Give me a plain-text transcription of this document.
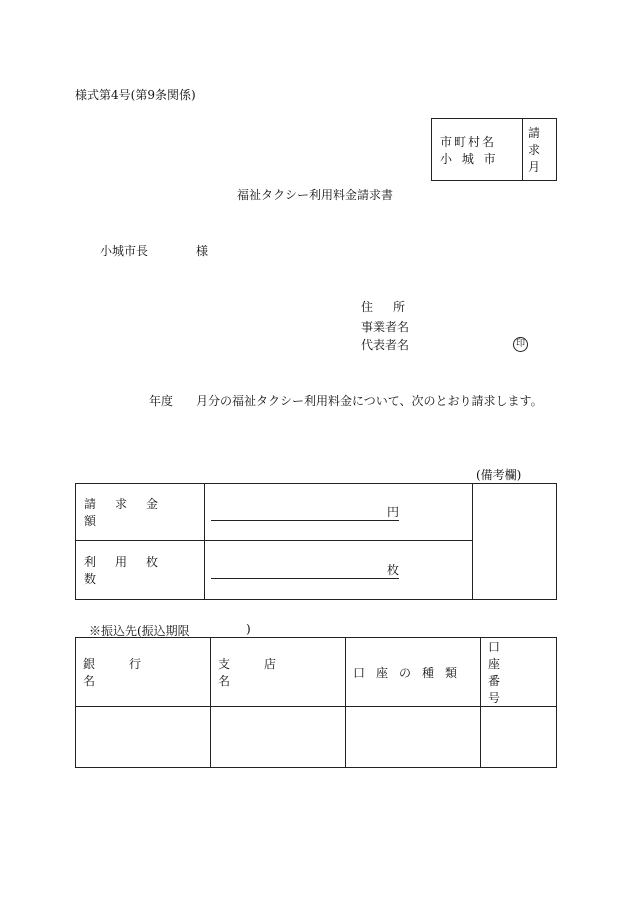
様式第4号(第9条関係)
市町村名
小 城 市
	請求月
福祉タクシー利用料金請求書
小城市長	様
住所
事業者名
代表者名	印
年度 月分の福祉タクシー利用料金について、次のとおり請求します。
(備考欄)
請求金額	円	

利用枚数	枚	
※振込先(振込期限	)
銀行名	支店名	口座の種類	口座番号
